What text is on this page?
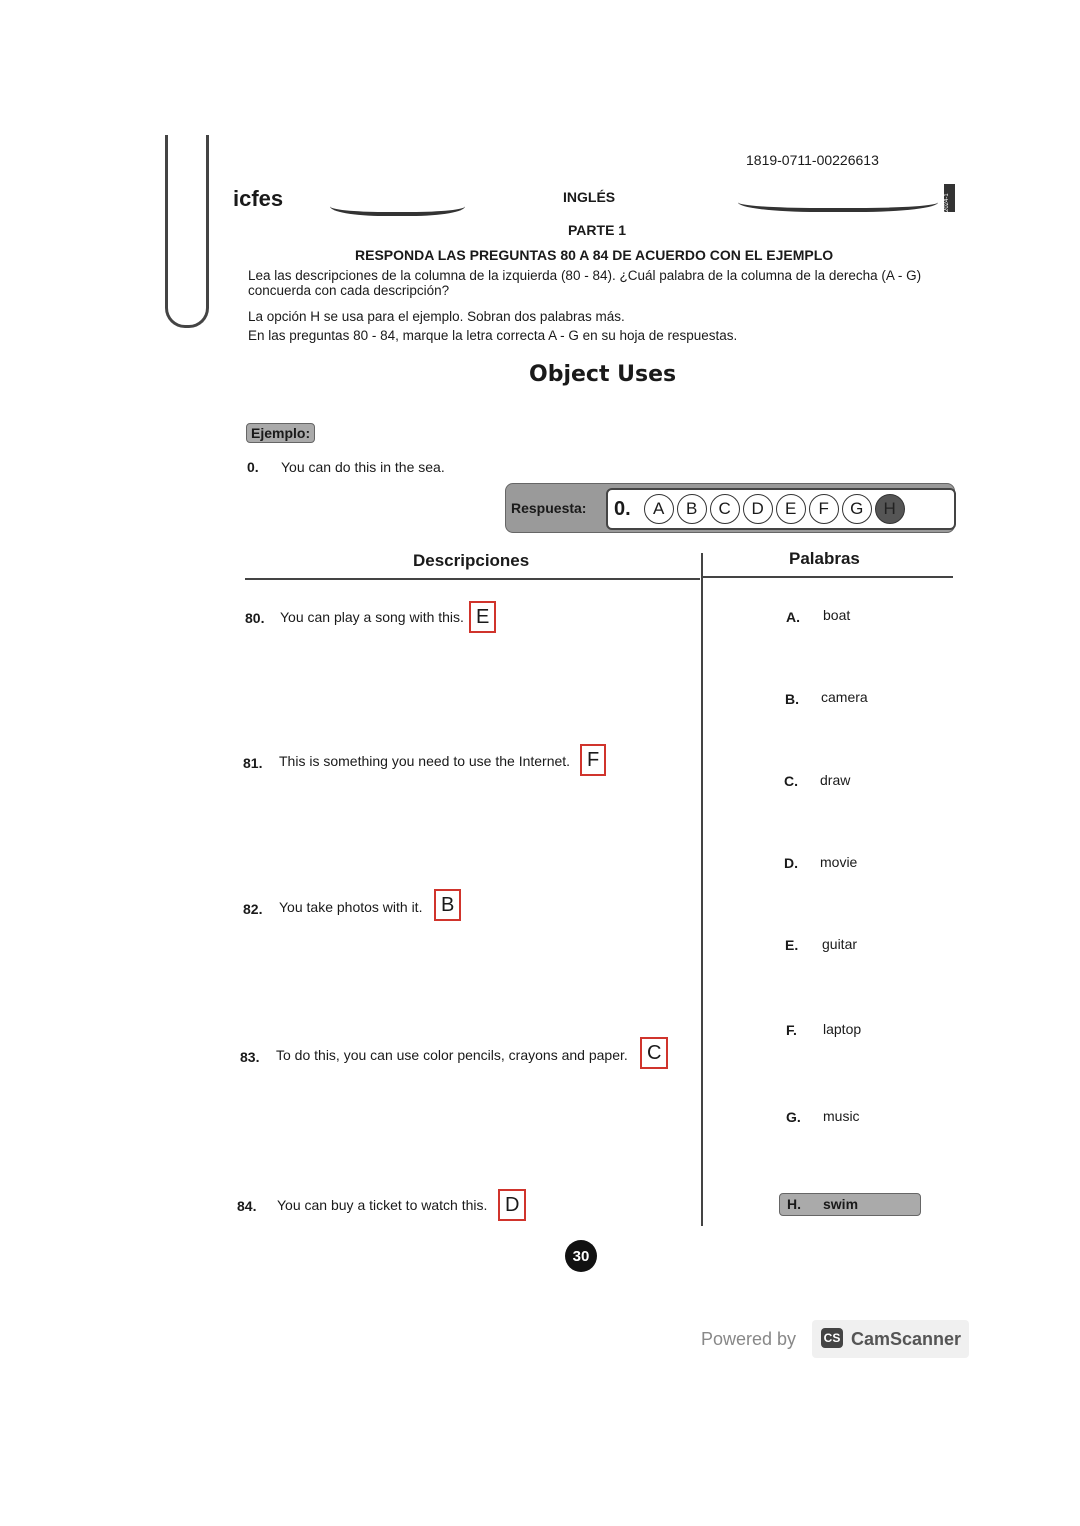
1819-0711-00226613
icfes	2024-1
INGLÉS
PARTE 1
RESPONDA LAS PREGUNTAS 80 A 84 DE ACUERDO CON EL EJEMPLO
Lea las descripciones de la columna de la izquierda (80 - 84). ¿Cuál palabra de la columna de la derecha (A - G) concuerda con cada descripción?
La opción H se usa para el ejemplo. Sobran dos palabras más.
En las preguntas 80 - 84, marque la letra correcta A - G en su hoja de respuestas.
Object Uses
Ejemplo:
0. You can do this in the sea.
Respuesta: 0.	A	B	C	D	E	F	G	H
Descripciones	Palabras
80. You can play a song with this. E
81. This is something you need to use the Internet. F
82. You take photos with it. B
83. To do this, you can use color pencils, crayons and paper. C
84. You can buy a ticket to watch this. D
A. boat
B. camera
C. draw
D. movie
E. guitar
F. laptop
G. music
H. swim
30
Powered by CS CamScanner
